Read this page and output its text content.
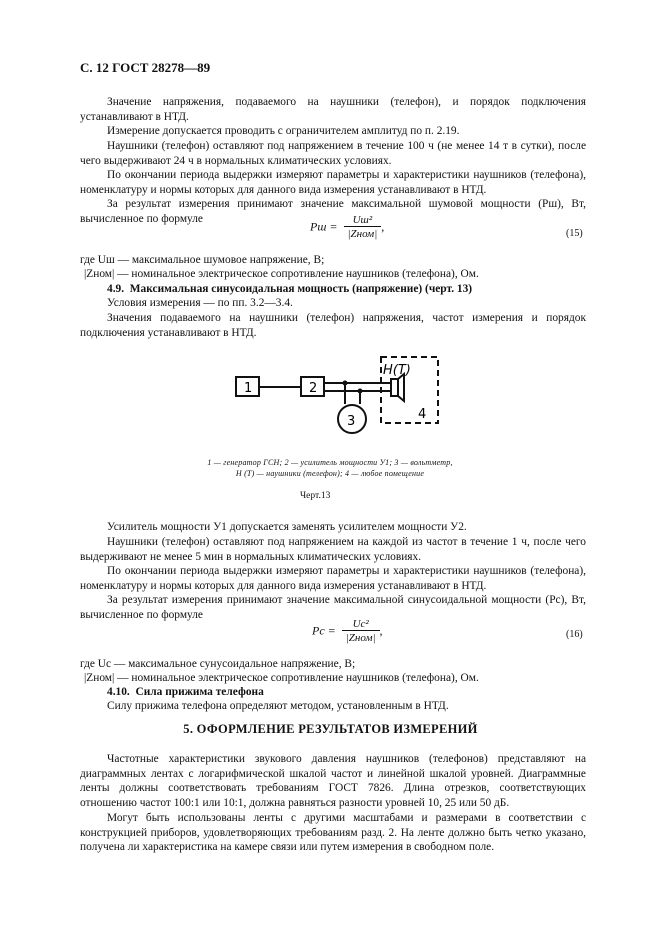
С. 12 ГОСТ 28278—89
Значение напряжения, подаваемого на наушники (телефон), и порядок подключения устанавливают в НТД.
Измерение допускается проводить с ограничителем амплитуд по п. 2.19.
Наушники (телефон) оставляют под напряжением в течение 100 ч (не менее 14 т в сутки), после чего выдерживают 24 ч в нормальных климатических условиях.
По окончании периода выдержки измеряют параметры и характеристики наушников (телефона), номенклатуру и нормы которых для данного вида измерения устанавливают в НТД.
За результат измерения принимают значение максимальной шумовой мощности (Pш), Вт, вычисленное по формуле
Pш = $\frac{\text{Uш²}}{\text{|Zном|}}$ ,
(15)
где Uш — максимальное шумовое напряжение, В;
|Zном| — номинальное электрическое сопротивление наушников (телефона), Ом.
4.9. Максимальная синусоидальная мощность (напряжение) (черт. 13)
Условия измерения — по пп. 3.2—3.4.
Значения подаваемого на наушники (телефон) напряжения, частот измерения и порядок подключения устанавливают в НТД.
1	2
3	4
Н(Т)
1 — генератор ГСН; 2 — усилитель мощности У1; 3 — вольтметр,
Н (Т) — наушники (телефон); 4 — любое помещение
Черт.13
Усилитель мощности У1 допускается заменять усилителем мощности У2.
Наушники (телефон) оставляют под напряжением на каждой из частот в течение 1 ч, после чего выдерживают не менее 5 мин в нормальных климатических условиях.
По окончании периода выдержки измеряют параметры и характеристики наушников (телефона), номенклатуру и нормы которых для данного вида измерения устанавливают в НТД.
За результат измерения принимают значение максимальной синусоидальной мощности (Pс), Вт, вычисленное по формуле
Pс = $\frac{\text{Uс²}}{\text{|Zном|}}$ ,	(16)
где Uс — максимальное сунусоидальное напряжение, В;
|Zном| — номинальное электрическое сопротивление наушников (телефона), Ом.
4.10. Сила прижима телефона
Силу прижима телефона определяют методом, установленным в НТД.
5. ОФОРМЛЕНИЕ РЕЗУЛЬТАТОВ ИЗМЕРЕНИЙ
Частотные характеристики звукового давления наушников (телефонов) представляют на диаграммных лентах с логарифмической шкалой частот и линейной шкалой уровней. Диаграммные ленты должны соответствовать требованиям ГОСТ 7826. Длина отрезков, соответствующих отношению частот 100:1 или 10:1, должна равняться разности уровней 10, 25 или 50 дБ.
Могут быть использованы ленты с другими масштабами и размерами в соответствии с конструкцией приборов, удовлетворяющих требованиям разд. 2. На ленте должно быть четко указано, получена ли характеристика на камере связи или путем измерения в свободном поле.
